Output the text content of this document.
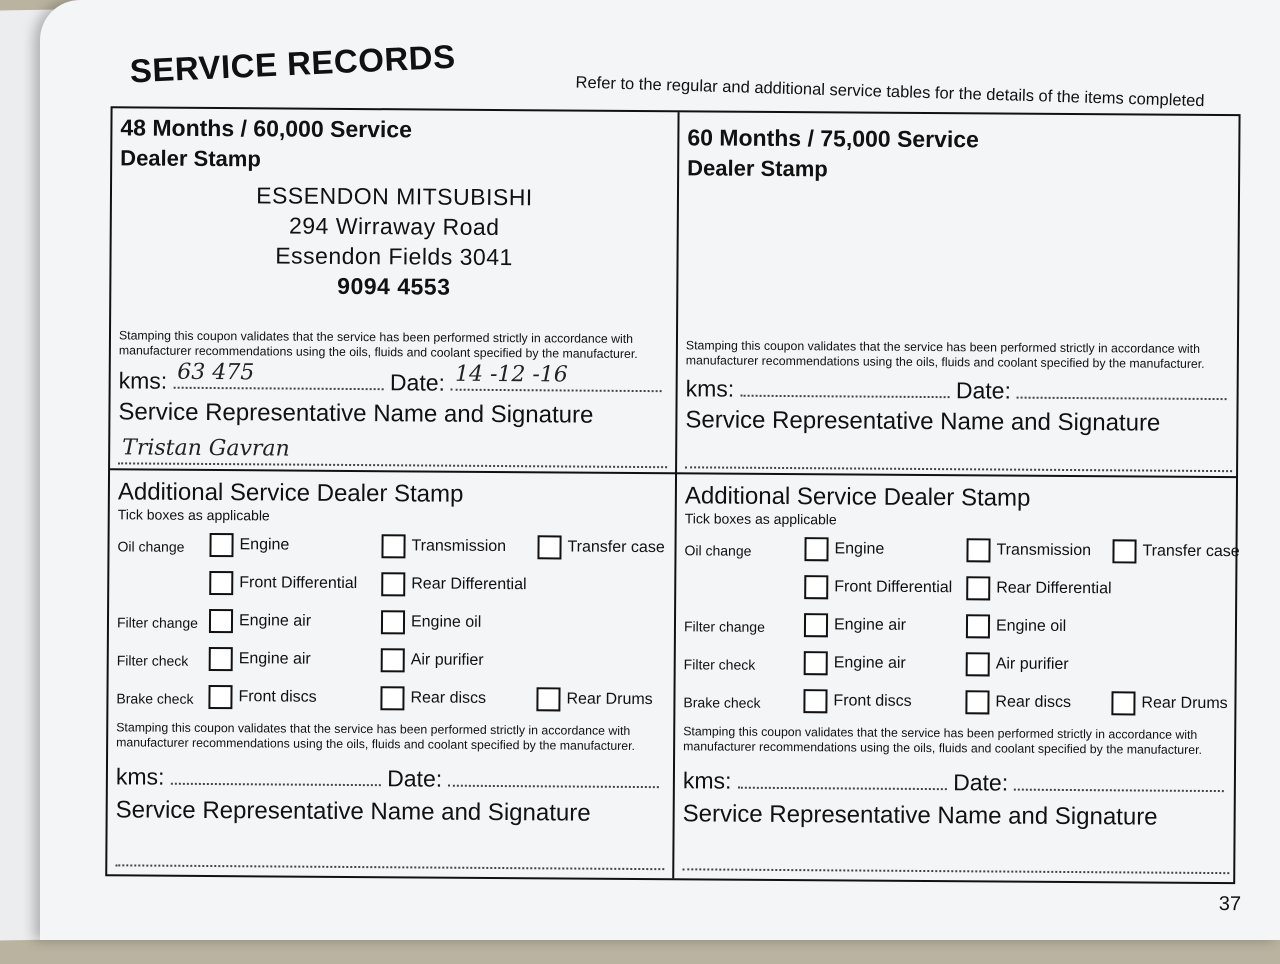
SERVICE RECORDS
Refer to the regular and additional service tables for the details of the items completed
48 Months / 60,000 Service
Dealer Stamp
ESSENDON MITSUBISHI
294 Wirraway Road
Essendon Fields 3041
9094 4553
Stamping this coupon validates that the service has been performed strictly in accordance with manufacturer recommendations using the oils, fluids and coolant specified by the manufacturer.
kms: 63 475	Date: 14 -12 -16
Service Representative Name and Signature
Tristan Gavran
60 Months / 75,000 Service
Dealer Stamp
Stamping this coupon validates that the service has been performed strictly in accordance with manufacturer recommendations using the oils, fluids and coolant specified by the manufacturer.
kms:	Date:
Service Representative Name and Signature
Additional Service Dealer Stamp
Tick boxes as applicable
Oil change	Engine	Transmission	Transfer case
Front Differential	Rear Differential
Filter change	Engine air	Engine oil
Filter check	Engine air	Air purifier
Brake check	Front discs	Rear discs	Rear Drums
Stamping this coupon validates that the service has been performed strictly in accordance with manufacturer recommendations using the oils, fluids and coolant specified by the manufacturer.
kms:	Date:
Service Representative Name and Signature
Additional Service Dealer Stamp
Tick boxes as applicable
Oil change	Engine	Transmission	Transfer case
Front Differential	Rear Differential
Filter change	Engine air	Engine oil
Filter check	Engine air	Air purifier
Brake check	Front discs	Rear discs	Rear Drums
Stamping this coupon validates that the service has been performed strictly in accordance with manufacturer recommendations using the oils, fluids and coolant specified by the manufacturer.
kms:	Date:
Service Representative Name and Signature
37
